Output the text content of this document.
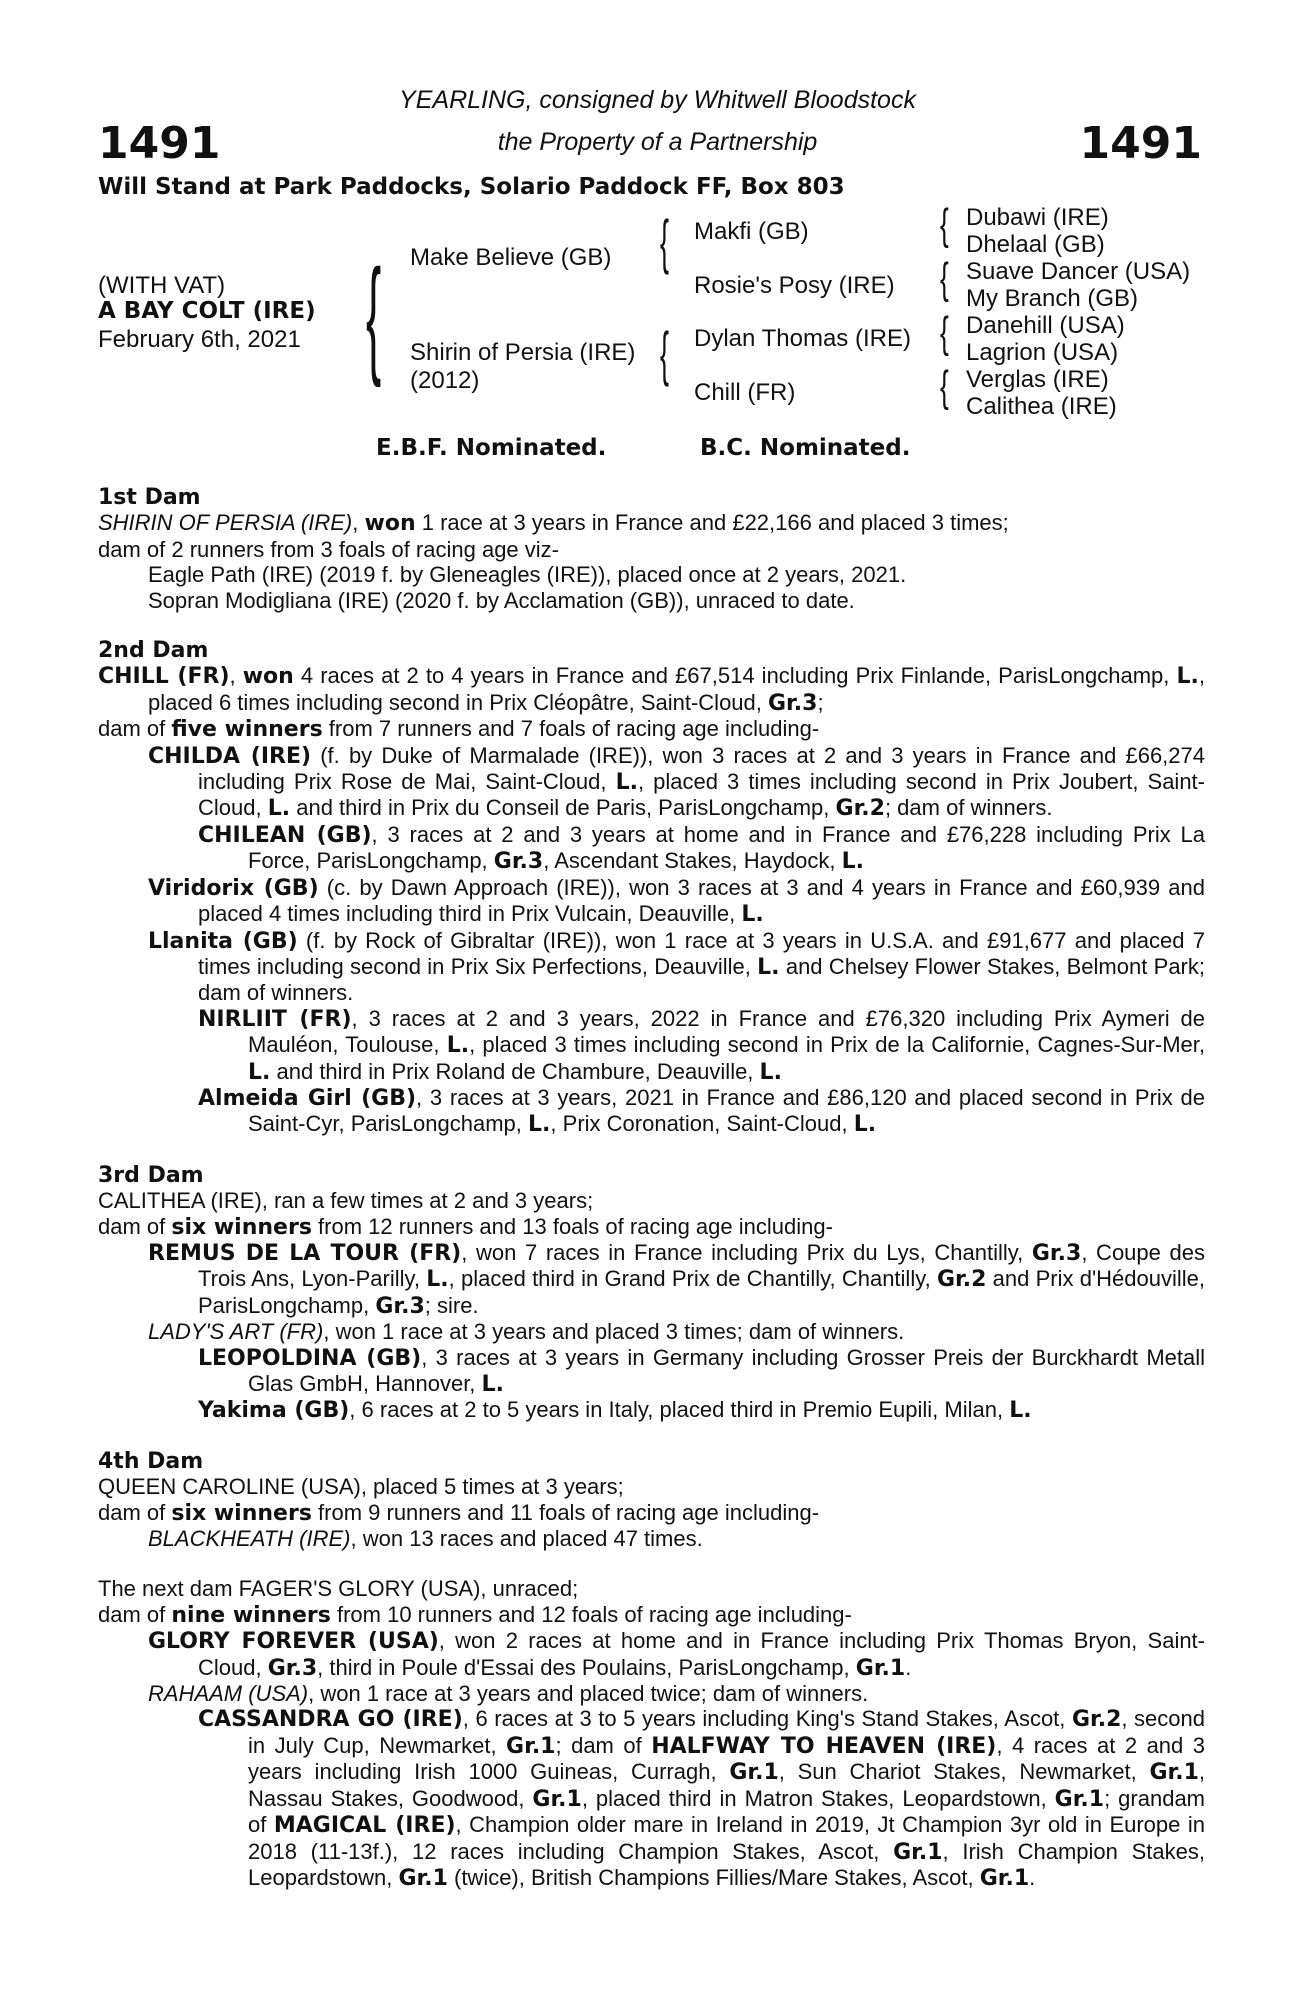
1491	1491
YEARLING, consigned by Whitwell Bloodstock
the Property of a Partnership
Will Stand at Park Paddocks, Solario Paddock FF, Box 803
(WITH VAT)
A BAY COLT (IRE)
February 6th, 2021 { Make Believe (GB)
Shirin of Persia (IRE)
(2012)
{
{
Makfi (GB)
Rosie's Posy (IRE)
Dylan Thomas (IRE)
Chill (FR)
{
{
{
{
Dubawi (IRE)
Dhelaal (GB)
Suave Dancer (USA)
My Branch (GB)
Danehill (USA)
Lagrion (USA)
Verglas (IRE)
Calithea (IRE)
E.B.F. Nominated.	B.C. Nominated.
1st Dam
SHIRIN OF PERSIA (IRE), won 1 race at 3 years in France and £22,166 and placed 3 times;
dam of 2 runners from 3 foals of racing age viz-
Eagle Path (IRE) (2019 f. by Gleneagles (IRE)), placed once at 2 years, 2021.
Sopran Modigliana (IRE) (2020 f. by Acclamation (GB)), unraced to date.
2nd Dam
CHILL (FR), won 4 races at 2 to 4 years in France and £67,514 including Prix Finlande, ParisLongchamp, L., placed 6 times including second in Prix Cléopâtre, Saint-Cloud, Gr.3;
dam of five winners from 7 runners and 7 foals of racing age including-
CHILDA (IRE) (f. by Duke of Marmalade (IRE)), won 3 races at 2 and 3 years in France and £66,274 including Prix Rose de Mai, Saint-Cloud, L., placed 3 times including second in Prix Joubert, Saint-Cloud, L. and third in Prix du Conseil de Paris, ParisLongchamp, Gr.2; dam of winners.
CHILEAN (GB), 3 races at 2 and 3 years at home and in France and £76,228 including Prix La Force, ParisLongchamp, Gr.3, Ascendant Stakes, Haydock, L.
Viridorix (GB) (c. by Dawn Approach (IRE)), won 3 races at 3 and 4 years in France and £60,939 and placed 4 times including third in Prix Vulcain, Deauville, L.
Llanita (GB) (f. by Rock of Gibraltar (IRE)), won 1 race at 3 years in U.S.A. and £91,677 and placed 7 times including second in Prix Six Perfections, Deauville, L. and Chelsey Flower Stakes, Belmont Park; dam of winners.
NIRLIIT (FR), 3 races at 2 and 3 years, 2022 in France and £76,320 including Prix Aymeri de Mauléon, Toulouse, L., placed 3 times including second in Prix de la Californie, Cagnes-Sur-Mer, L. and third in Prix Roland de Chambure, Deauville, L.
Almeida Girl (GB), 3 races at 3 years, 2021 in France and £86,120 and placed second in Prix de Saint-Cyr, ParisLongchamp, L., Prix Coronation, Saint-Cloud, L.
3rd Dam
CALITHEA (IRE), ran a few times at 2 and 3 years;
dam of six winners from 12 runners and 13 foals of racing age including-
REMUS DE LA TOUR (FR), won 7 races in France including Prix du Lys, Chantilly, Gr.3, Coupe des Trois Ans, Lyon-Parilly, L., placed third in Grand Prix de Chantilly, Chantilly, Gr.2 and Prix d'Hédouville, ParisLongchamp, Gr.3; sire.
LADY'S ART (FR), won 1 race at 3 years and placed 3 times; dam of winners.
LEOPOLDINA (GB), 3 races at 3 years in Germany including Grosser Preis der Burckhardt Metall Glas GmbH, Hannover, L.
Yakima (GB), 6 races at 2 to 5 years in Italy, placed third in Premio Eupili, Milan, L.
4th Dam
QUEEN CAROLINE (USA), placed 5 times at 3 years;
dam of six winners from 9 runners and 11 foals of racing age including-
BLACKHEATH (IRE), won 13 races and placed 47 times.
The next dam FAGER'S GLORY (USA), unraced;
dam of nine winners from 10 runners and 12 foals of racing age including-
GLORY FOREVER (USA), won 2 races at home and in France including Prix Thomas Bryon, Saint-Cloud, Gr.3, third in Poule d'Essai des Poulains, ParisLongchamp, Gr.1.
RAHAAM (USA), won 1 race at 3 years and placed twice; dam of winners.
CASSANDRA GO (IRE), 6 races at 3 to 5 years including King's Stand Stakes, Ascot, Gr.2, second in July Cup, Newmarket, Gr.1; dam of HALFWAY TO HEAVEN (IRE), 4 races at 2 and 3 years including Irish 1000 Guineas, Curragh, Gr.1, Sun Chariot Stakes, Newmarket, Gr.1, Nassau Stakes, Goodwood, Gr.1, placed third in Matron Stakes, Leopardstown, Gr.1; grandam of MAGICAL (IRE), Champion older mare in Ireland in 2019, Jt Champion 3yr old in Europe in 2018 (11-13f.), 12 races including Champion Stakes, Ascot, Gr.1, Irish Champion Stakes, Leopardstown, Gr.1 (twice), British Champions Fillies/Mare Stakes, Ascot, Gr.1.
